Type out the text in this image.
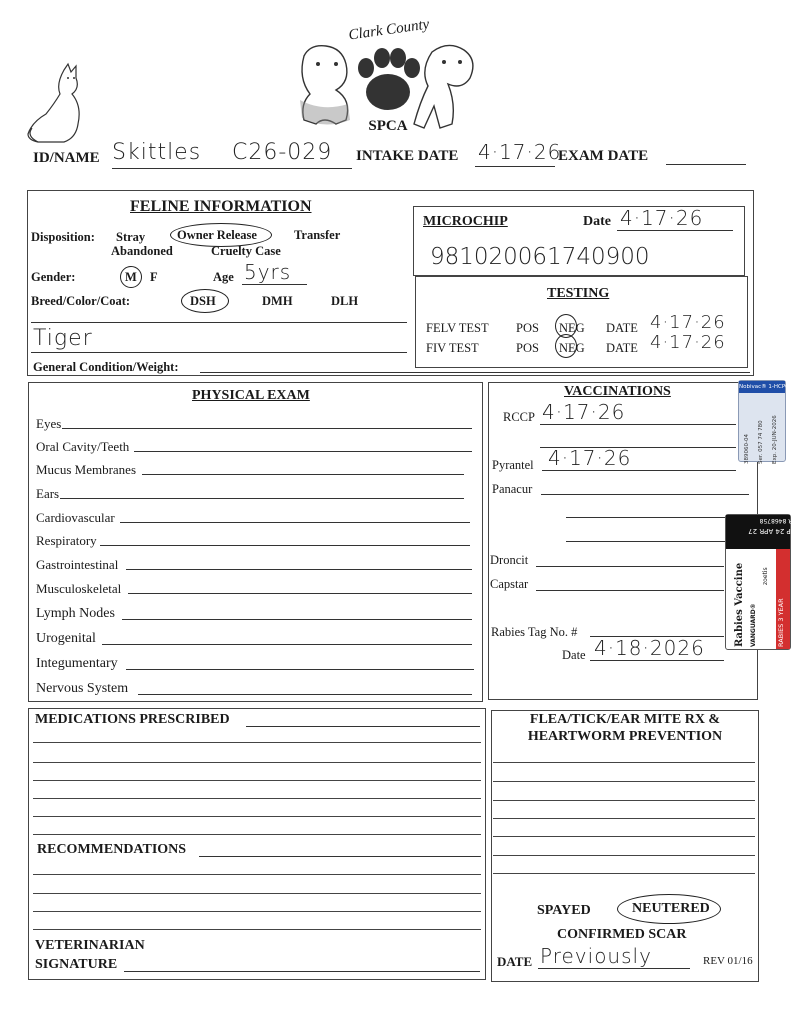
Clark County
SPCA
ID/NAME Skittles C26-029 INTAKE DATE 4·17·26
EXAM DATE
FELINE INFORMATION
Disposition: Stray	Owner Release	Transfer
Abandoned	Cruelty Case
Gender:	M F	Age 5yrs
Breed/Color/Coat:	DSH	DMH	DLH
Tiger
General Condition/Weight:
MICROCHIP	Date 4·17·26
981020061740900
TESTING
FELV TEST POS NEG DATE 4·17·26
FIV TEST	POS NEG DATE 4·17·26
PHYSICAL EXAM
Eyes
Oral Cavity/Teeth
Mucus Membranes
Ears
Cardiovascular
Respiratory
Gastrointestinal
Musculoskeletal
Lymph Nodes
Urogenital
Integumentary
Nervous System
VACCINATIONS
RCCP 4·17·26
Pyrantel 4·17·26
Panacur
Droncit
Capstar
Rabies Tag No. #
Date 4·18·2026
Nobivac® 1-HCPCh
Ser. 057 74 780 Exp. 20-JUN-2026
389060-04
EXP 24 APR 27
SER 8468758
RABIES 3 YEAR
Rabies Vaccine VANGUARD®
zoetis
MEDICATIONS PRESCRIBED
RECOMMENDATIONS
VETERINARIAN
SIGNATURE
FLEA/TICK/EAR MITE RX &
HEARTWORM PREVENTION
SPAYED	NEUTERED
CONFIRMED SCAR
DATE Previously	REV 01/16
